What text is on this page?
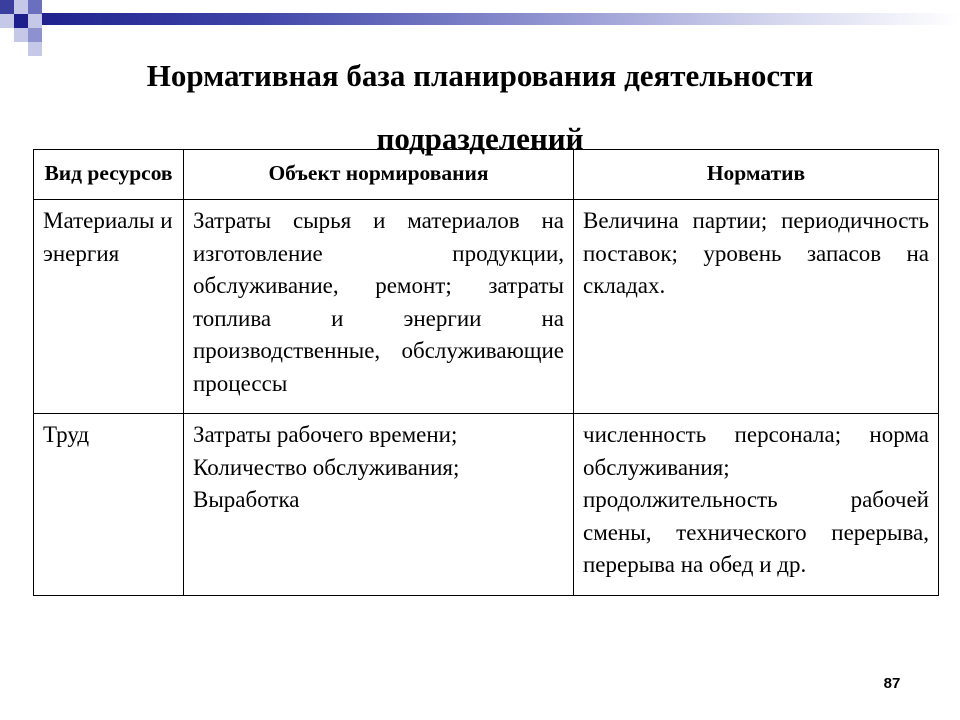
Нормативная база планирования деятельности подразделений
Вид ресурсов	Объект нормирования	Норматив
Материалы и энергия	Затраты сырья и материалов на изготовление продукции, обслуживание, ремонт; затраты топлива и энергии на производственные, обслуживающие процессы	Величина партии; периодичность поставок; уровень запасов на складах.
Труд	Затраты рабочего времени; Количество обслуживания; Выработка	численность персонала; норма обслуживания; продолжительность рабочей смены, технического перерыва, перерыва на обед и др.
87
